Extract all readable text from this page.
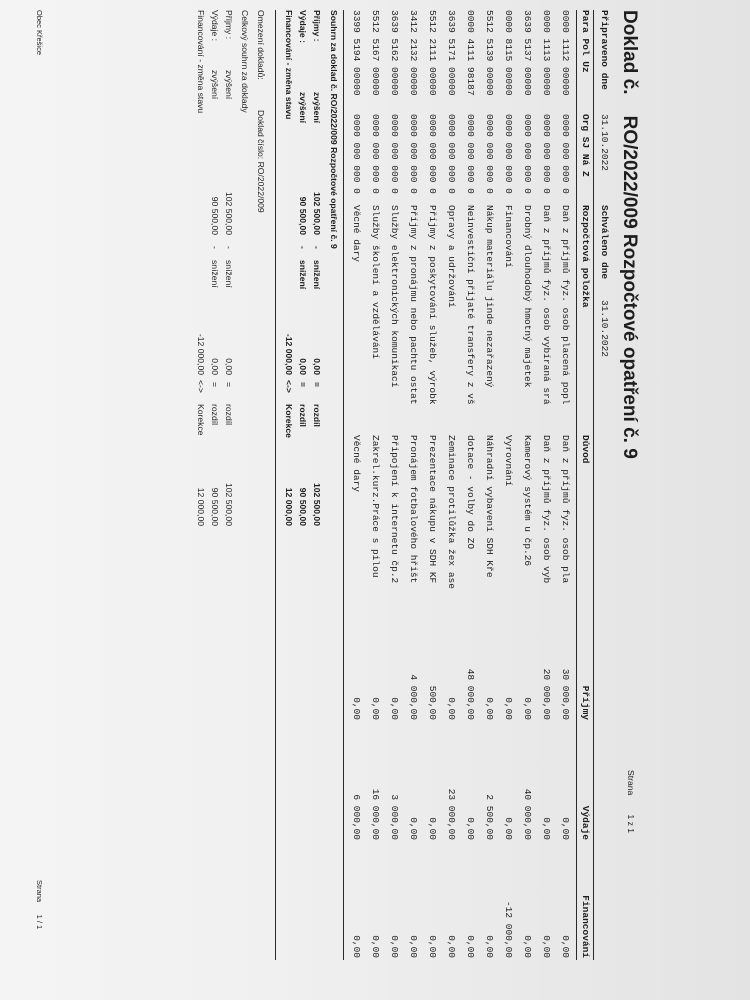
Doklad č.    RO/2022/009 Rozpočtové opatření č. 9
Strana        1 z 1
Připraveno dne
31.10.2022
Schváleno dne
31.10.2022
Para Pol Uz
Org SJ Ná Z
Rozpočtová položka
Důvod
Příjmy
Výdaje
Financování
0000 1112 00000
0000 000 000 0
Daň z příjmů fyz. osob placená popl
Daň z příjmů fyz. osob pla
30 000,00
0,00
0,00
0000 1113 00000
0000 000 000 0
Daň z příjmů fyz. osob vybíraná srá
Daň z příjmů fyz. osob vyb
20 000,00
0,00
0,00
3639 5137 00000
0000 000 000 0
Drobný dlouhodobý hmotný majetek
Kamerový systém u čp.26
0,00
40 000,00
0,00
0000 8115 00000
0000 000 000 0
Financování
Vyrovnání
0,00
0,00
-12 000,00
5512 5139 00000
0000 000 000 0
Nákup materiálu jinde nezařazený
Náhradní vybavení SDH Kře
0,00
2 500,00
0,00
0000 4111 98187
0000 000 000 0
Neinvestiční přijaté transfery z vš
dotace - volby do ZO
48 000,00
0,00
0,00
3639 5171 00000
0000 000 000 0
Opravy a udržování
Zeminace protilůžka žex ase
0,00
23 000,00
0,00
5512 2111 00000
0000 000 000 0
Příjmy z poskytování služeb, výrobk
Prezentace nákupu v SDH KF
500,00
0,00
0,00
3412 2132 00000
0000 000 000 0
Příjmy z pronájmu nebo pachtu ostat
Pronájem fotbalového hřišt
4 000,00
0,00
0,00
3639 5162 00000
0000 000 000 0
Služby elektronických komunikací
Připojení k internetu čp.2
0,00
3 000,00
0,00
5512 5167 00000
0000 000 000 0
Služby školení a vzdělávání
Zakrel.kurz.Práce s pilou
0,00
16 000,00
0,00
3399 5194 00000
0000 000 000 0
Věcné dary
Věcné dary
0,00
6 000,00
0,00
Souhrn za doklad č. RO/2022/009 Rozpočtové opatření č. 9
Příjmy :
zvýšení
102 500,00
-
snížení
0,00
=
rozdíl
102 500,00
Výdaje :
zvýšení
90 500,00
-
snížení
0,00
=
rozdíl
90 500,00
Financování - změna stavu
-12 000,00
<->
Korekce
12 000,00
Omezení dokladů:
Doklad číslo: RO/2022/009
Celkový souhrn za doklady
Příjmy :
zvýšení
102 500,00
-
snížení
0,00
=
rozdíl
102 500,00
Výdaje :
zvýšení
90 500,00
-
snížení
0,00
=
rozdíl
90 500,00
Financování - změna stavu
-12 000,00
<->
Korekce
12 000,00
Obec Křešice
Strana      1 / 1
